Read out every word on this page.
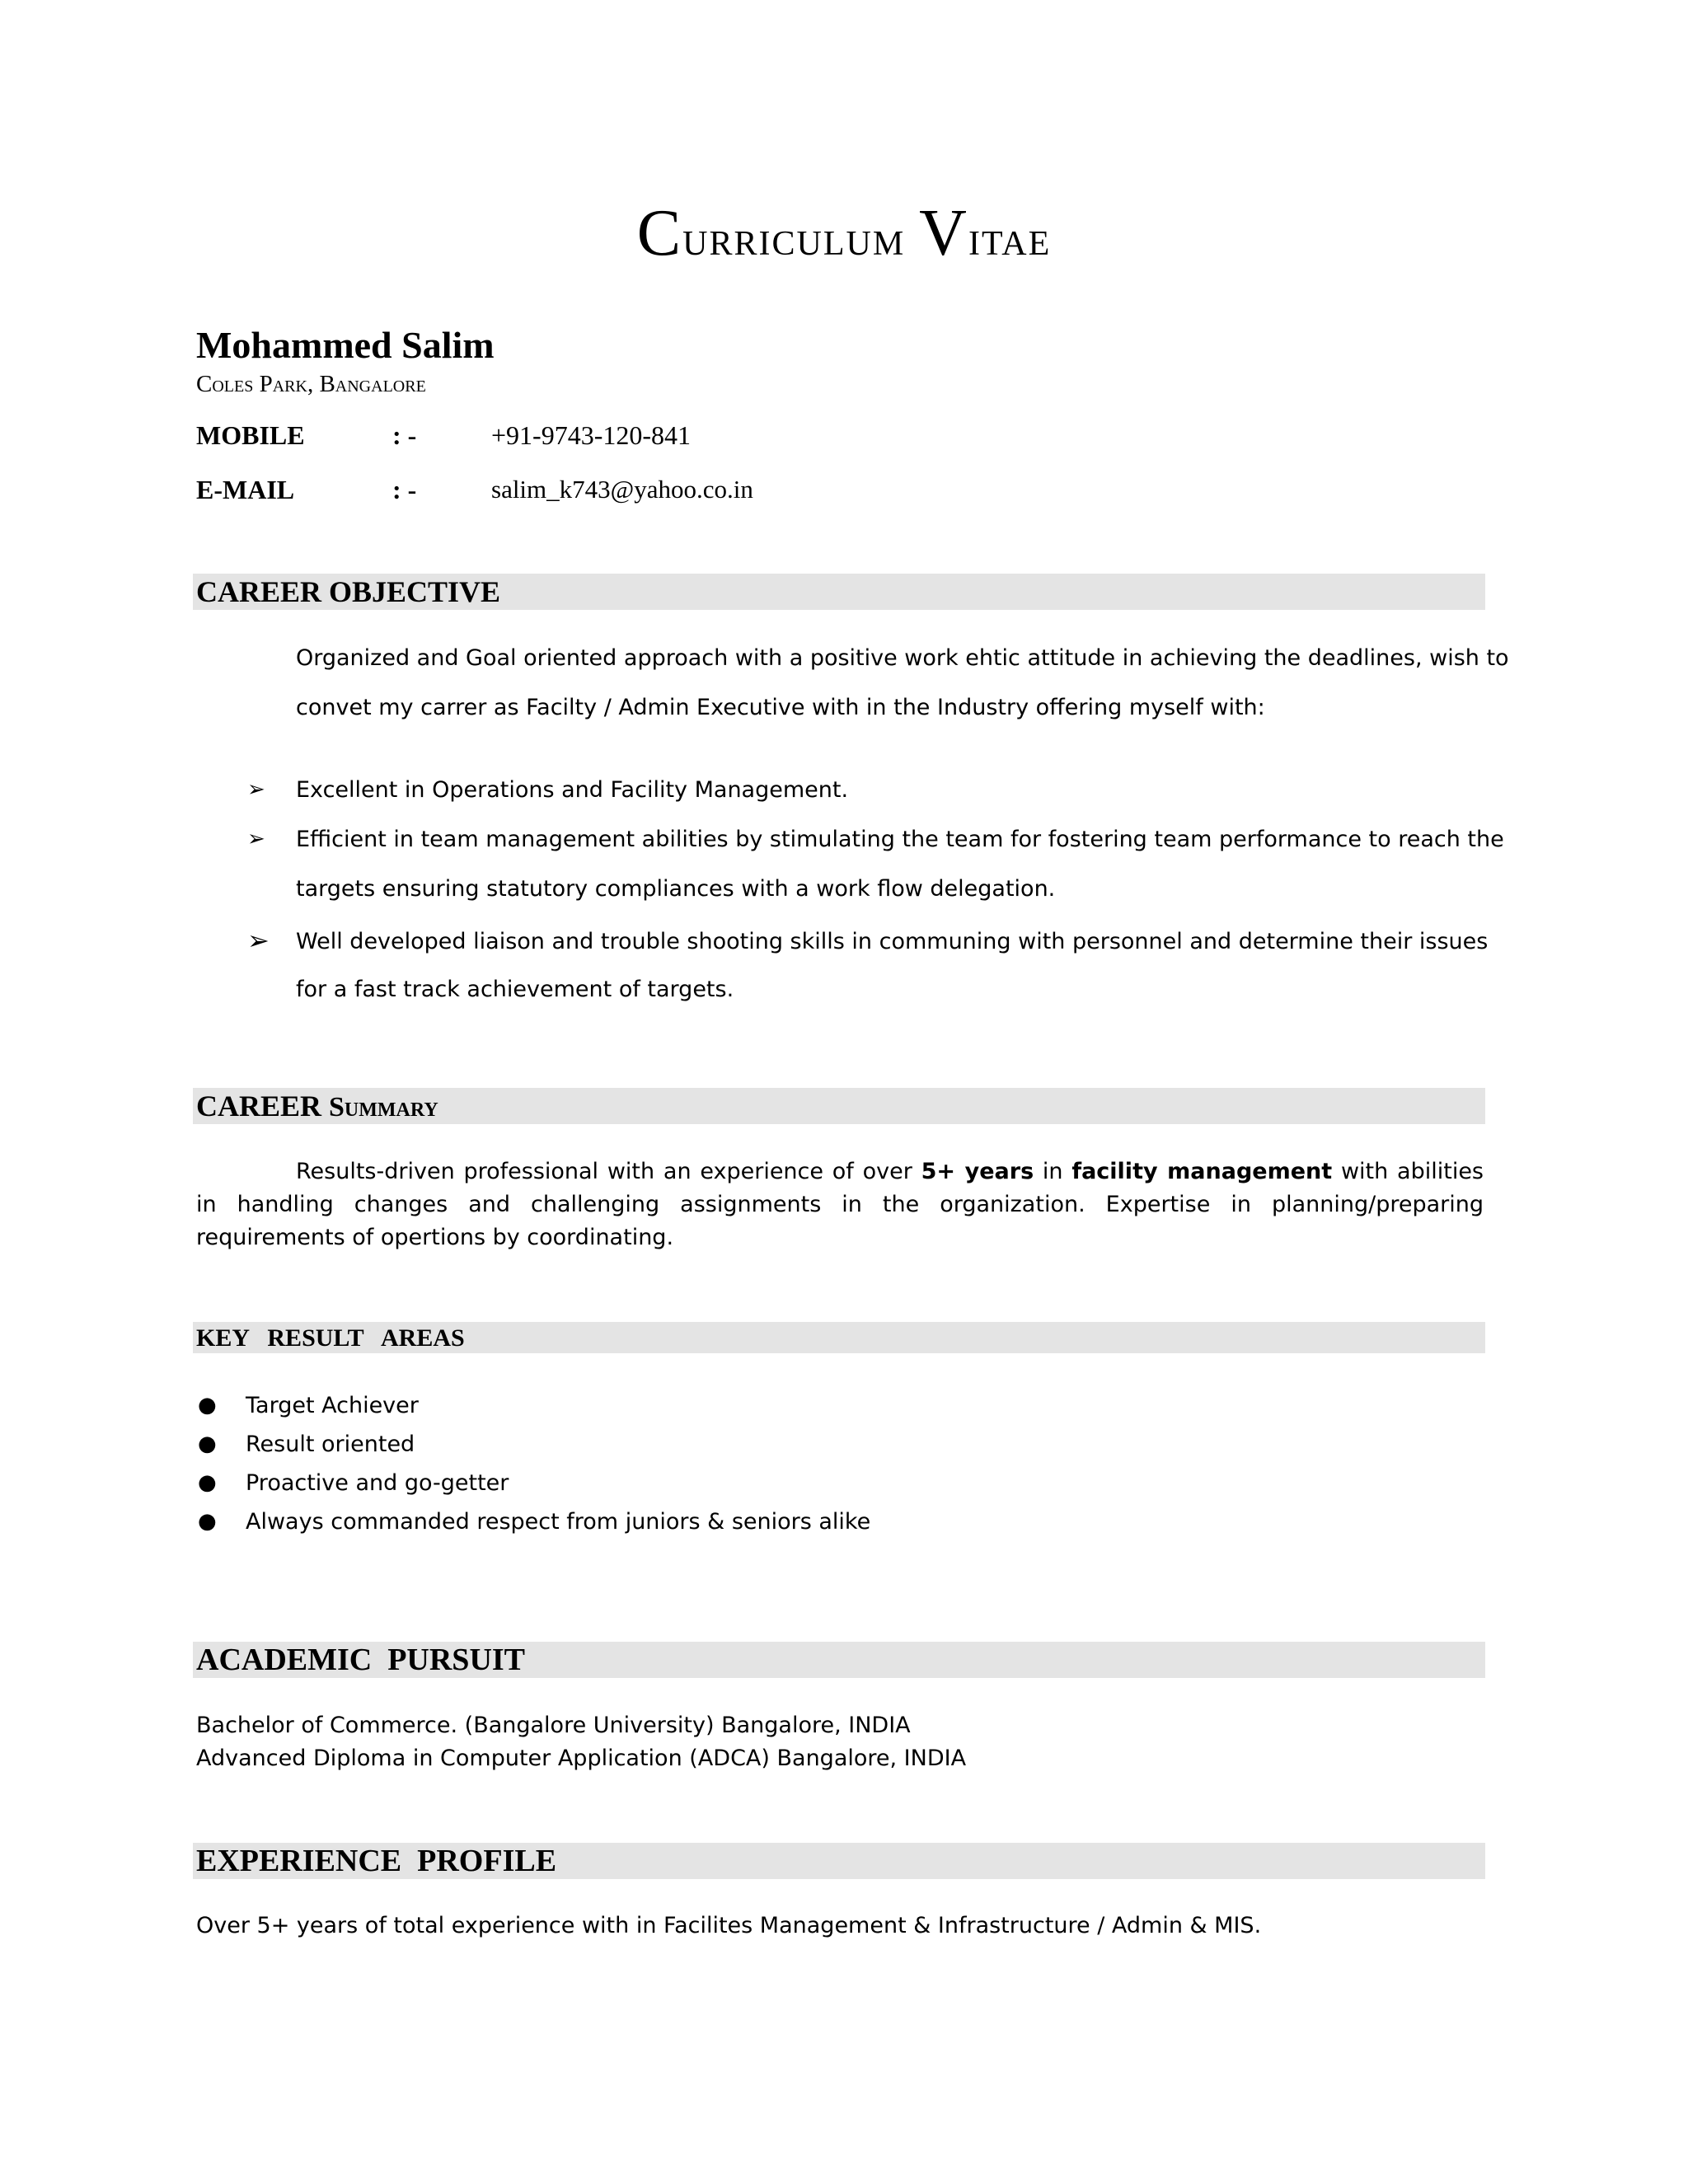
Curriculum Vitae
Mohammed Salim
Coles Park, Bangalore
MOBILE	: -	+91-9743-120-841
E-MAIL	: -	salim_k743@yahoo.co.in
CAREER OBJECTIVE
Organized and Goal oriented approach with a positive work ehtic attitude in achieving the deadlines, wish to
convet my carrer as Facilty / Admin Executive with in the Industry offering myself with:
➢ Excellent in Operations and Facility Management.
➢ Efficient in team management abilities by stimulating the team for fostering team performance to reach the
targets ensuring statutory compliances with a work flow delegation.
➢ Well developed liaison and trouble shooting skills in communing with personnel and determine their issues
for a fast track achievement of targets.
CAREER Summary
Results-driven professional with an experience of over 5+ years in facility management with abilities in handling changes and challenging assignments in the organization. Expertise in planning/preparing requirements of opertions by coordinating.
KEY   RESULT   AREAS
● Target Achiever
● Result oriented
● Proactive and go-getter
● Always commanded respect from juniors & seniors alike
ACADEMIC  PURSUIT
Bachelor of Commerce. (Bangalore University) Bangalore, INDIA
Advanced Diploma in Computer Application (ADCA) Bangalore, INDIA
EXPERIENCE  PROFILE
Over 5+ years of total experience with in Facilites Management & Infrastructure / Admin & MIS.
